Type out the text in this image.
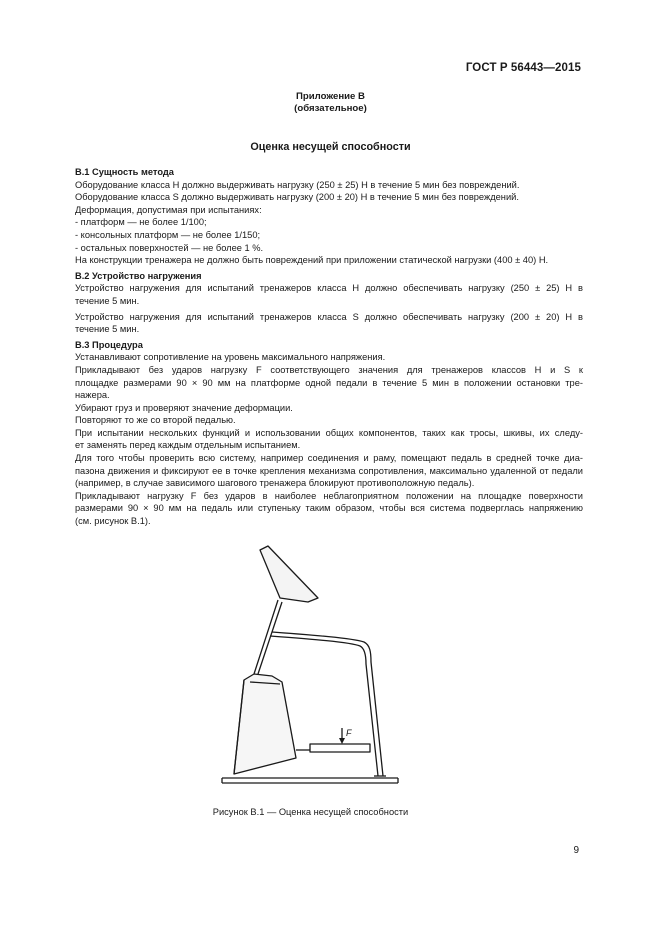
ГОСТ Р 56443—2015
Приложение В
(обязательное)
Оценка несущей способности

В.1 Сущность метода

Оборудование класса H должно выдерживать нагрузку (250 ± 25) Н в течение 5 мин без повреждений.

Оборудование класса S должно выдерживать нагрузку (200 ± 20) Н в течение 5 мин без повреждений.

Деформация, допустимая при испытаниях:

- платформ — не более 1/100;

- консольных платформ — не более 1/150;

- остальных поверхностей — не более 1 %.

На конструкции тренажера не должно быть повреждений при приложении статической нагрузки (400 ± 40) Н.

В.2 Устройство нагружения

Устройство нагружения для испытаний тренажеров класса H должно обеспечивать нагрузку (250 ± 25) Н в

течение 5 мин.

Устройство нагружения для испытаний тренажеров класса S должно обеспечивать нагрузку (200 ± 20) Н в

течение 5 мин.

В.3 Процедура

Устанавливают сопротивление на уровень максимального напряжения.

Прикладывают без ударов нагрузку F соответствующего значения для тренажеров классов H и S к

площадке размерами 90 × 90 мм на платформе одной педали в течение 5 мин в положении остановки тре-

нажера.

Убирают груз и проверяют значение деформации.

Повторяют то же со второй педалью.

При испытании нескольких функций и использовании общих компонентов, таких как тросы, шкивы, их следу-

ет заменять перед каждым отдельным испытанием.

Для того чтобы проверить всю систему, например соединения и раму, помещают педаль в средней точке диа-

пазона движения и фиксируют ее в точке крепления механизма сопротивления, максимально удаленной от педали

(например, в случае зависимого шагового тренажера блокируют противоположную педаль).

Прикладывают нагрузку F без ударов в наиболее неблагоприятном положении на площадке поверхности

размерами 90 × 90 мм на педаль или ступеньку таким образом, чтобы вся система подверглась напряжению

(см. рисунок В.1).

F
Рисунок В.1 — Оценка несущей способности
9
